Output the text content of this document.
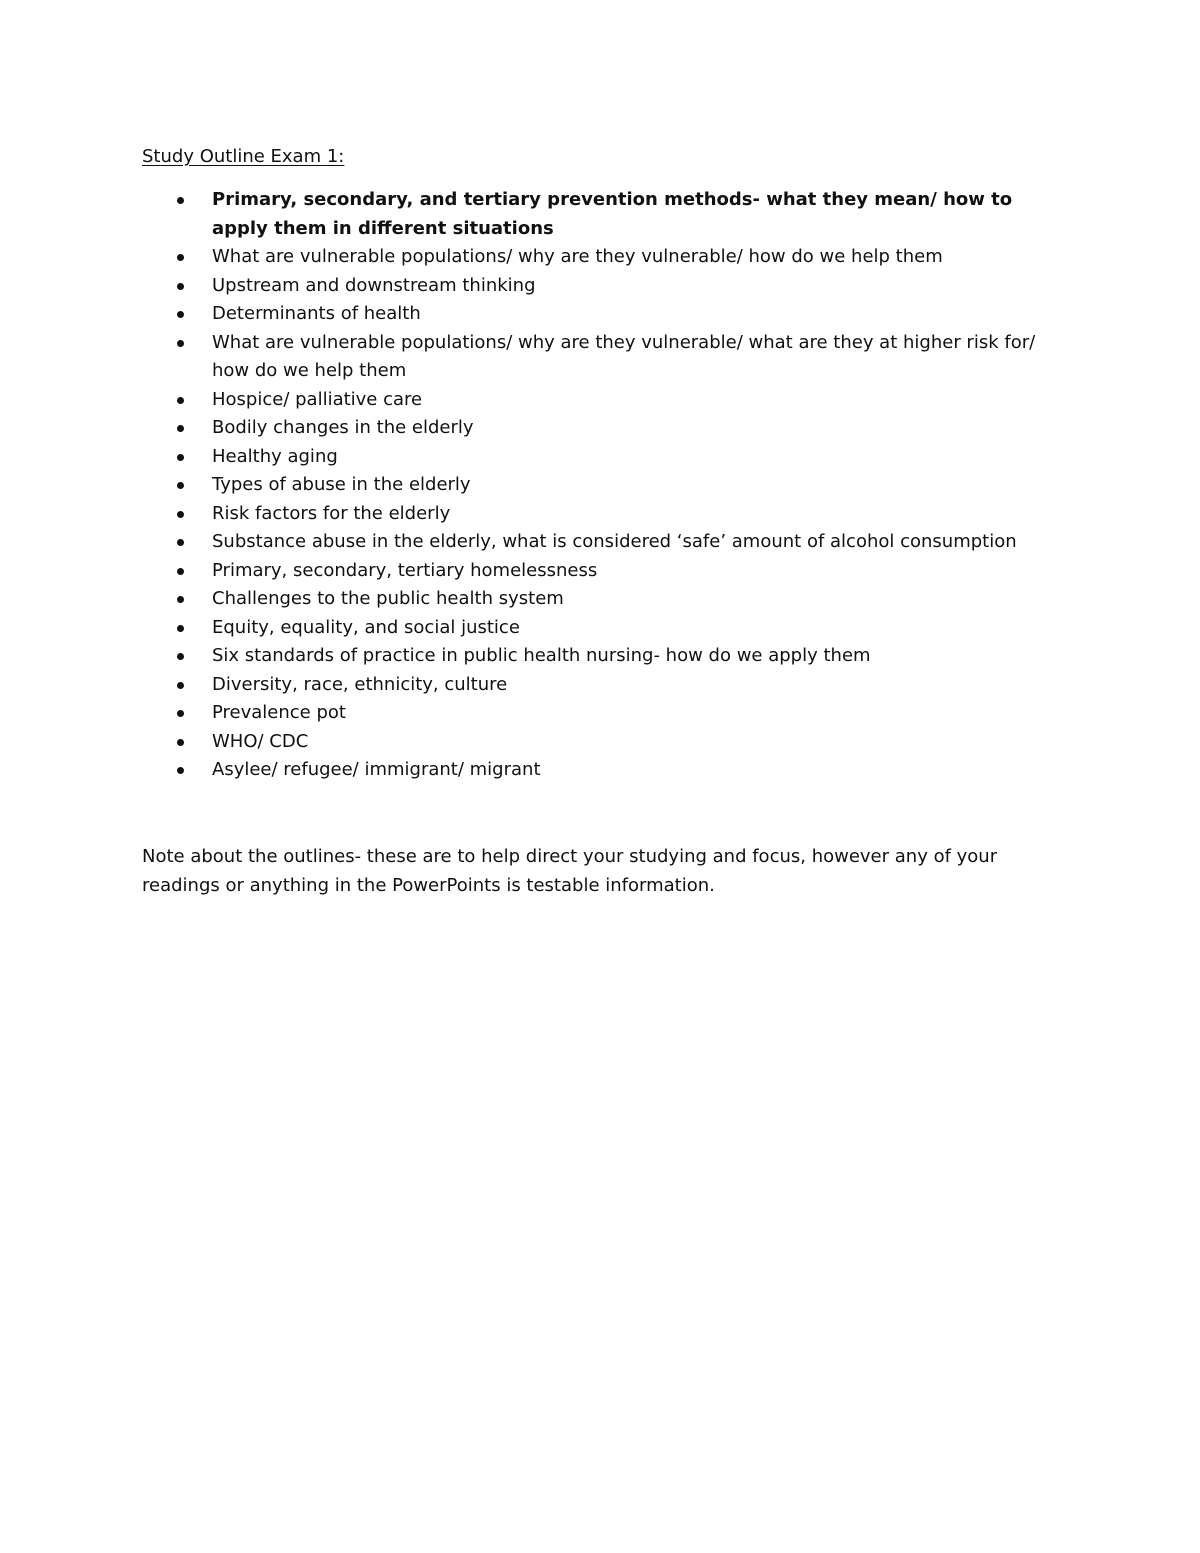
Study Outline Exam 1:
Primary, secondary, and tertiary prevention methods- what they mean/ how to apply them in different situations
What are vulnerable populations/ why are they vulnerable/ how do we help them
Upstream and downstream thinking
Determinants of health
What are vulnerable populations/ why are they vulnerable/ what are they at higher risk for/ how do we help them
Hospice/ palliative care
Bodily changes in the elderly
Healthy aging
Types of abuse in the elderly
Risk factors for the elderly
Substance abuse in the elderly, what is considered ‘safe’ amount of alcohol consumption
Primary, secondary, tertiary homelessness
Challenges to the public health system
Equity, equality, and social justice
Six standards of practice in public health nursing- how do we apply them
Diversity, race, ethnicity, culture
Prevalence pot
WHO/ CDC
Asylee/ refugee/ immigrant/ migrant

Note about the outlines- these are to help direct your studying and focus, however any of your readings or anything in the PowerPoints is testable information.
